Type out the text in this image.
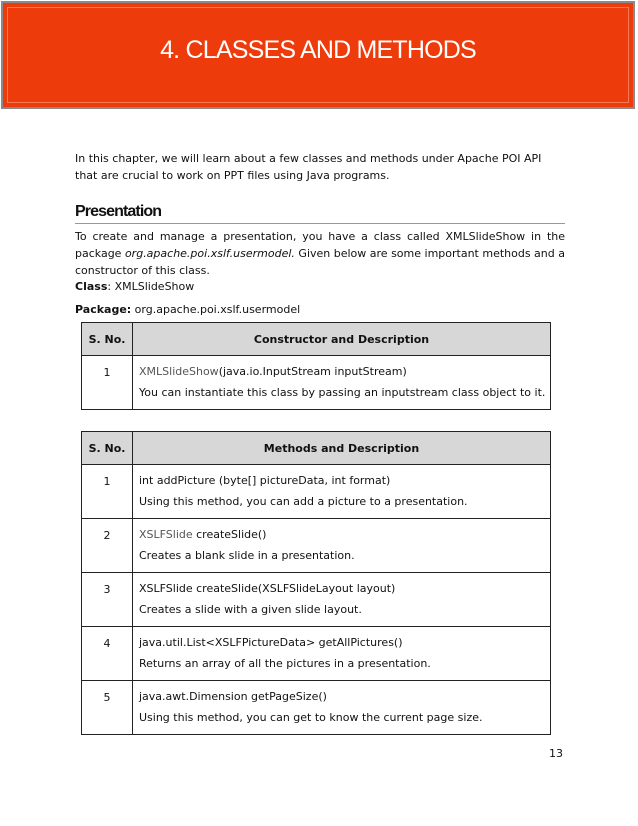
4. CLASSES AND METHODS

In this chapter, we will learn about a few classes and methods under Apache POI API that are crucial to work on PPT files using Java programs.

Presentation

To create and manage a presentation, you have a class called XMLSlideShow in the package org.apache.poi.xslf.usermodel. Given below are some important methods and a constructor of this class.

Class: XMLSlideShow

Package: org.apache.poi.xslf.usermodel

S. No.	Constructor and Description
1	XMLSlideShow(java.io.InputStream inputStream)
You can instantiate this class by passing an inputstream class object to it.
S. No.	Methods and Description
1	int addPicture (byte[] pictureData, int format)
Using this method, you can add a picture to a presentation.

2	XSLFSlide createSlide()
Creates a blank slide in a presentation.

3	XSLFSlide createSlide(XSLFSlideLayout layout)
Creates a slide with a given slide layout.

4	java.util.List<XSLFPictureData> getAllPictures()
Returns an array of all the pictures in a presentation.

5	java.awt.Dimension getPageSize()
Using this method, you can get to know the current page size.
13
